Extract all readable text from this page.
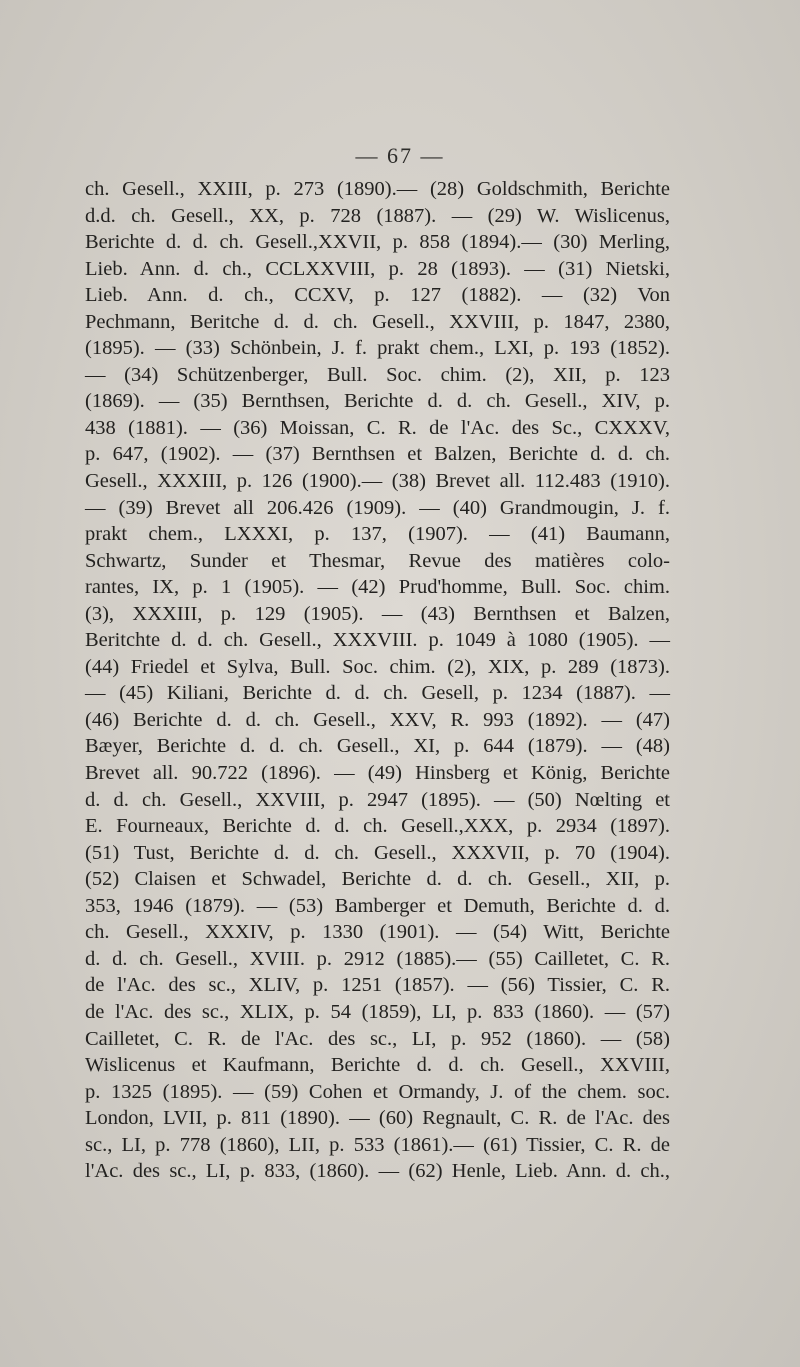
— 67 —
ch. Gesell., XXIII, p. 273 (1890).— (28) Goldschmith, Berichte
d.d. ch. Gesell., XX, p. 728 (1887). — (29) W. Wislicenus,
Berichte d. d. ch. Gesell.,XXVII, p. 858 (1894).— (30) Merling,
Lieb. Ann. d. ch., CCLXXVIII, p. 28 (1893). — (31) Nietski,
Lieb. Ann. d. ch., CCXV, p. 127 (1882). — (32) Von
Pechmann, Beritche d. d. ch. Gesell., XXVIII, p. 1847, 2380,
(1895). — (33) Schönbein, J. f. prakt chem., LXI, p. 193 (1852).
— (34) Schützenberger, Bull. Soc. chim. (2), XII, p. 123
(1869). — (35) Bernthsen, Berichte d. d. ch. Gesell., XIV, p.
438 (1881). — (36) Moissan, C. R. de l'Ac. des Sc., CXXXV,
p. 647, (1902). — (37) Bernthsen et Balzen, Berichte d. d. ch.
Gesell., XXXIII, p. 126 (1900).— (38) Brevet all. 112.483 (1910).
— (39) Brevet all 206.426 (1909). — (40) Grandmougin, J. f.
prakt chem., LXXXI, p. 137, (1907). — (41) Baumann,
Schwartz, Sunder et Thesmar, Revue des matières colo-
rantes, IX, p. 1 (1905). — (42) Prud'homme, Bull. Soc. chim.
(3), XXXIII, p. 129 (1905). — (43) Bernthsen et Balzen,
Beritchte d. d. ch. Gesell., XXXVIII. p. 1049 à 1080 (1905). —
(44) Friedel et Sylva, Bull. Soc. chim. (2), XIX, p. 289 (1873).
— (45) Kiliani, Berichte d. d. ch. Gesell, p. 1234 (1887). —
(46) Berichte d. d. ch. Gesell., XXV, R. 993 (1892). — (47)
Bæyer, Berichte d. d. ch. Gesell., XI, p. 644 (1879). — (48)
Brevet all. 90.722 (1896). — (49) Hinsberg et König, Berichte
d. d. ch. Gesell., XXVIII, p. 2947 (1895). — (50) Nœlting et
E. Fourneaux, Berichte d. d. ch. Gesell.,XXX, p. 2934 (1897).
(51) Tust, Berichte d. d. ch. Gesell., XXXVII, p. 70 (1904).
(52) Claisen et Schwadel, Berichte d. d. ch. Gesell., XII, p.
353, 1946 (1879). — (53) Bamberger et Demuth, Berichte d. d.
ch. Gesell., XXXIV, p. 1330 (1901). — (54) Witt, Berichte
d. d. ch. Gesell., XVIII. p. 2912 (1885).— (55) Cailletet, C. R.
de l'Ac. des sc., XLIV, p. 1251 (1857). — (56) Tissier, C. R.
de l'Ac. des sc., XLIX, p. 54 (1859), LI, p. 833 (1860). — (57)
Cailletet, C. R. de l'Ac. des sc., LI, p. 952 (1860). — (58)
Wislicenus et Kaufmann, Berichte d. d. ch. Gesell., XXVIII,
p. 1325 (1895). — (59) Cohen et Ormandy, J. of the chem. soc.
London, LVII, p. 811 (1890). — (60) Regnault, C. R. de l'Ac. des
sc., LI, p. 778 (1860), LII, p. 533 (1861).— (61) Tissier, C. R. de
l'Ac. des sc., LI, p. 833, (1860). — (62) Henle, Lieb. Ann. d. ch.,
